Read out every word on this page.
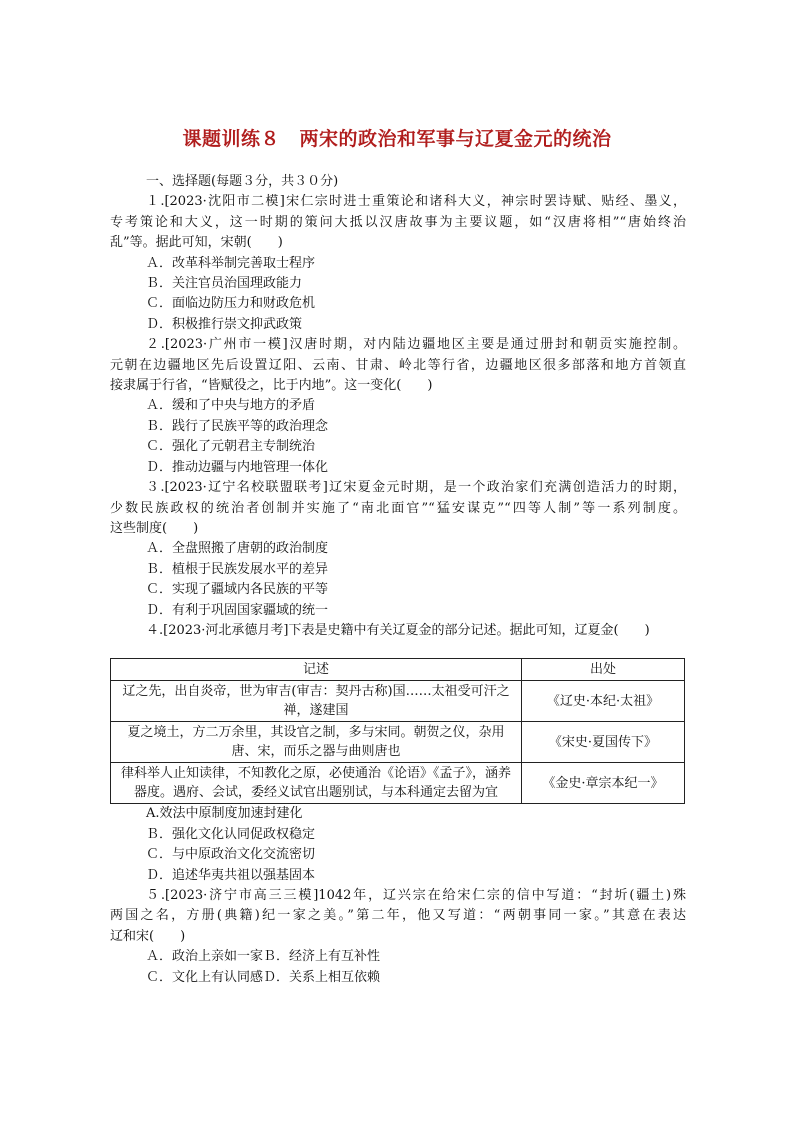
课题训练８　两宋的政治和军事与辽夏金元的统治
一、选择题(每题３分，共３０分)
１.[2023·沈阳市二模]宋仁宗时进士重策论和诸科大义，神宗时罢诗赋、贴经、墨义，
专考策论和大义，这一时期的策问大抵以汉唐故事为主要议题，如“汉唐将相”“唐始终治
乱”等。据此可知，宋朝(　　)
Ａ．改革科举制完善取士程序
Ｂ．关注官员治国理政能力
Ｃ．面临边防压力和财政危机
Ｄ．积极推行崇文抑武政策
２.[2023·广州市一模]汉唐时期，对内陆边疆地区主要是通过册封和朝贡实施控制。
元朝在边疆地区先后设置辽阳、云南、甘肃、岭北等行省，边疆地区很多部落和地方首领直
接隶属于行省，“皆赋役之，比于内地”。这一变化(　　)
Ａ．缓和了中央与地方的矛盾
Ｂ．践行了民族平等的政治理念
Ｃ．强化了元朝君主专制统治
Ｄ．推动边疆与内地管理一体化
３.[2023·辽宁名校联盟联考]辽宋夏金元时期，是一个政治家们充满创造活力的时期，
少数民族政权的统治者创制并实施了“南北面官”“猛安谋克”“四等人制”等一系列制度。
这些制度(　　)
Ａ．全盘照搬了唐朝的政治制度
Ｂ．植根于民族发展水平的差异
Ｃ．实现了疆域内各民族的平等
Ｄ．有利于巩固国家疆域的统一
４.[2023·河北承德月考]下表是史籍中有关辽夏金的部分记述。据此可知，辽夏金(　　)
记述	出处
辽之先，出自炎帝，世为审吉(审吉：契丹古称)国……太祖受可汗之禅，遂建国	《辽史·本纪·太祖》
夏之境土，方二万余里，其设官之制，多与宋同。朝贺之仪，杂用唐、宋，而乐之器与曲则唐也	《宋史·夏国传下》
律科举人止知读律，不知教化之原，必使通治《论语》《孟子》，涵养器度。遇府、会试，委经义试官出题别试，与本科通定去留为宜	《金史·章宗本纪一》
A.效法中原制度加速封建化
Ｂ．强化文化认同促政权稳定
Ｃ．与中原政治文化交流密切
Ｄ．追述华夷共祖以强基固本
５.[2023·济宁市高三三模]1042年，辽兴宗在给宋仁宗的信中写道：“封圻(疆土)殊
两国之名，方册(典籍)纪一家之美。”第二年，他又写道：“两朝事同一家。”其意在表达
辽和宋(　　)
Ａ．政治上亲如一家Ｂ．经济上有互补性
Ｃ．文化上有认同感Ｄ．关系上相互依赖
